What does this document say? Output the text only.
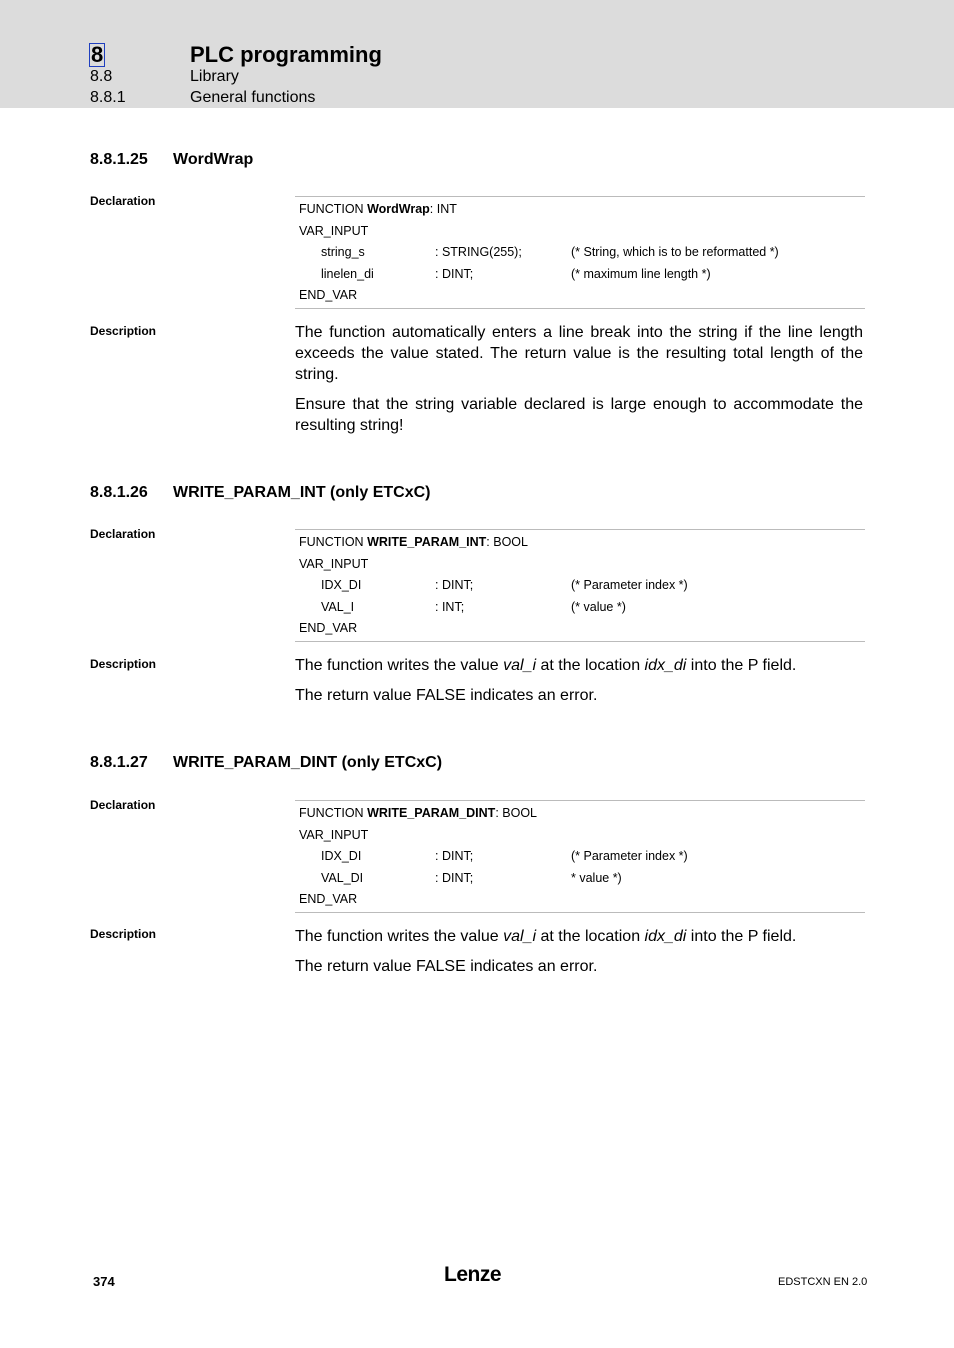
8	PLC programming
8.8	Library
8.8.1	General functions
8.8.1.25 WordWrap
Declaration
FUNCTION WordWrap: INT
VAR_INPUT
string_s	: STRING(255);	(* String, which is to be reformatted *)
linelen_di	: DINT;	(* maximum line length *)
END_VAR
Description	The function automatically enters a line break into the string if the line length exceeds the value stated. The return value is the resulting total length of the string.

Ensure that the string variable declared is large enough to accommodate the resulting string!

8.8.1.26 WRITE_PARAM_INT (only ETCxC)
Declaration
FUNCTION WRITE_PARAM_INT: BOOL
VAR_INPUT
IDX_DI	: DINT;	(* Parameter index *)
VAL_I	: INT;	(* value *)
END_VAR
Description	The function writes the value val_i at the location idx_di into the P field.

The return value FALSE indicates an error.

8.8.1.27 WRITE_PARAM_DINT (only ETCxC)
Declaration
FUNCTION WRITE_PARAM_DINT: BOOL
VAR_INPUT
IDX_DI	: DINT;	(* Parameter index *)
VAL_DI	: DINT;	* value *)
END_VAR
Description	The function writes the value val_i at the location idx_di into the P field.

The return value FALSE indicates an error.

374	Lenze	EDSTCXN EN 2.0
